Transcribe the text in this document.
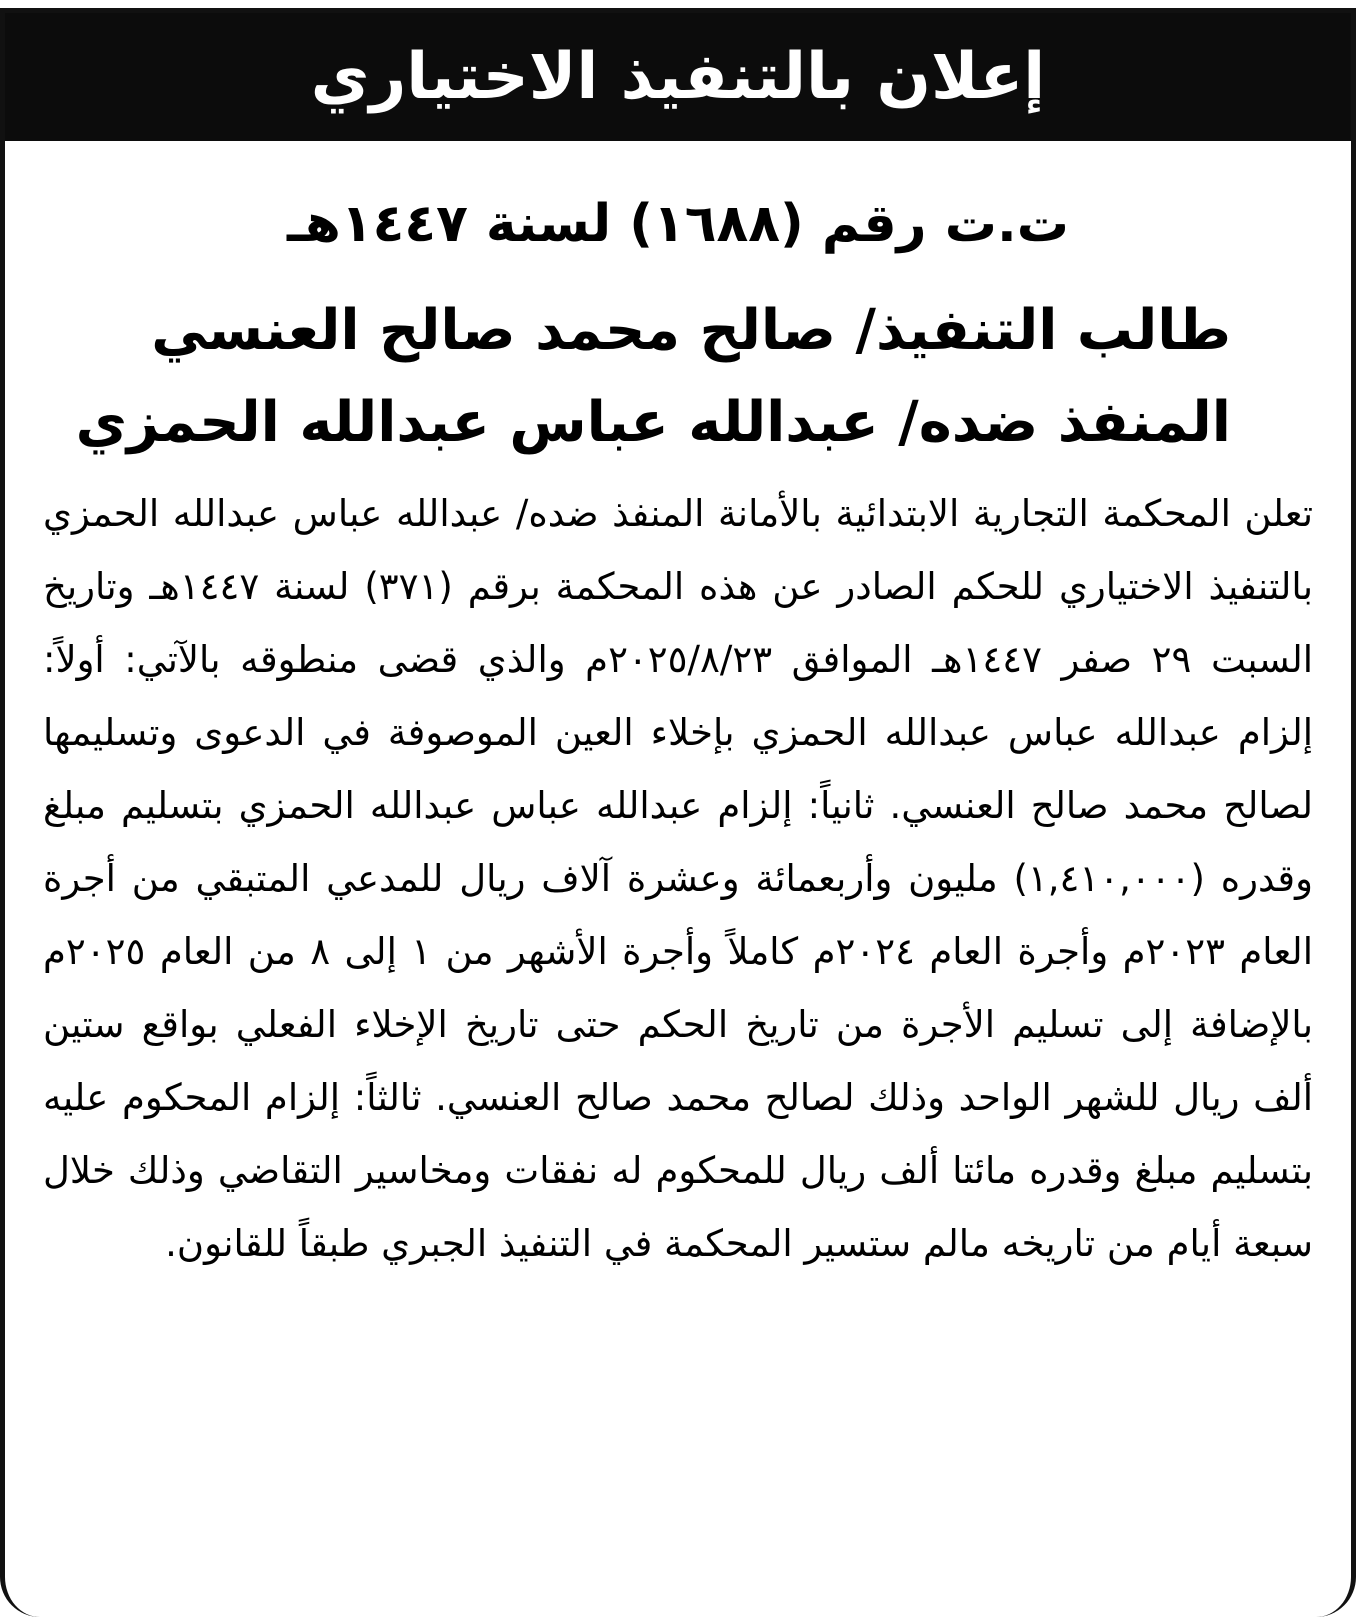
إعلان بالتنفيذ الاختياري
ت.ت رقم (١٦٨٨) لسنة ١٤٤٧هـ
طالب التنفيذ/ صالح محمد صالح العنسي
المنفذ ضده/ عبدالله عباس عبدالله الحمزي
تعلن المحكمة التجارية الابتدائية بالأمانة المنفذ ضده/ عبدالله عباس عبدالله الحمزي بالتنفيذ الاختياري للحكم الصادر عن هذه المحكمة برقم (٣٧١) لسنة ١٤٤٧هـ وتاريخ السبت ٢٩ صفر ١٤٤٧هـ الموافق ٢٠٢٥/٨/٢٣م والذي قضى منطوقه بالآتي: أولاً: إلزام عبدالله عباس عبدالله الحمزي بإخلاء العين الموصوفة في الدعوى وتسليمها لصالح محمد صالح العنسي. ثانياً: إلزام عبدالله عباس عبدالله الحمزي بتسليم مبلغ وقدره (١,٤١٠,٠٠٠) مليون وأربعمائة وعشرة آلاف ريال للمدعي المتبقي من أجرة العام ٢٠٢٣م وأجرة العام ٢٠٢٤م كاملاً وأجرة الأشهر من ١ إلى ٨ من العام ٢٠٢٥م بالإضافة إلى تسليم الأجرة من تاريخ الحكم حتى تاريخ الإخلاء الفعلي بواقع ستين ألف ريال للشهر الواحد وذلك لصالح محمد صالح العنسي. ثالثاً: إلزام المحكوم عليه بتسليم مبلغ وقدره مائتا ألف ريال للمحكوم له نفقات ومخاسير التقاضي وذلك خلال سبعة أيام من تاريخه مالم ستسير المحكمة في التنفيذ الجبري طبقاً للقانون.
